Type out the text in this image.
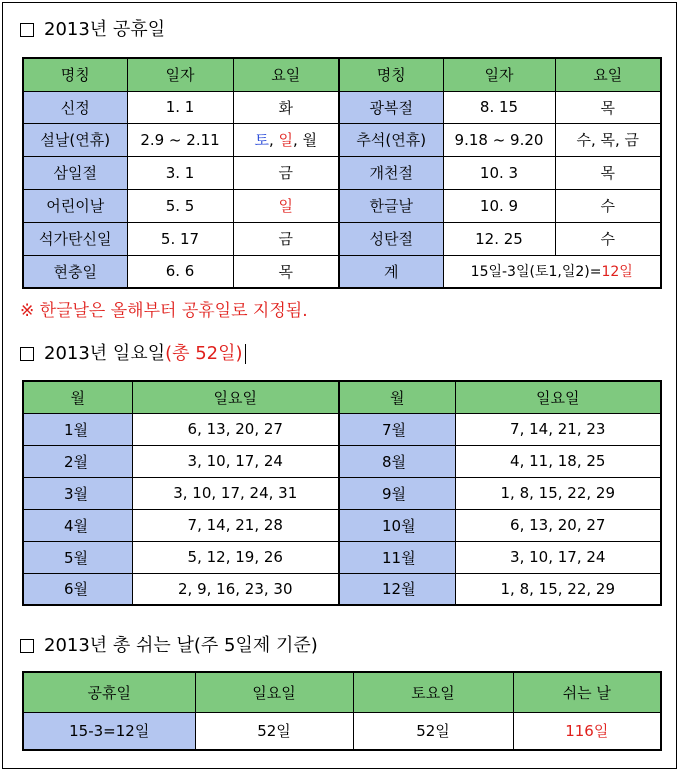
2013년 공휴일
명칭	일자	요일	명칭	일자	요일
신정	1. 1	화	광복절	8. 15	목
설날(연휴)	2.9 ~ 2.11	토, 일, 월	추석(연휴)	9.18 ~ 9.20	수, 목, 금
삼일절	3. 1	금	개천절	10. 3	목
어린이날	5. 5	일	한글날	10. 9	수
석가탄신일	5. 17	금	성탄절	12. 25	수
현충일	6. 6	목	계	15일-3일(토1,일2)=12일	
※ 한글날은 올해부터 공휴일로 지정됨.
2013년 일요일 (총 52일)
월	일요일	월	일요일
1월	6, 13, 20, 27	7월	7, 14, 21, 23
2월	3, 10, 17, 24	8월	4, 11, 18, 25
3월	3, 10, 17, 24, 31	9월	1, 8, 15, 22, 29
4월	7, 14, 21, 28	10월	6, 13, 20, 27
5월	5, 12, 19, 26	11월	3, 10, 17, 24
6월	2, 9, 16, 23, 30	12월	1, 8, 15, 22, 29
2013년 총 쉬는 날(주 5일제 기준)
공휴일	일요일	토요일	쉬는 날
15-3=12일	52일	52일	116일
